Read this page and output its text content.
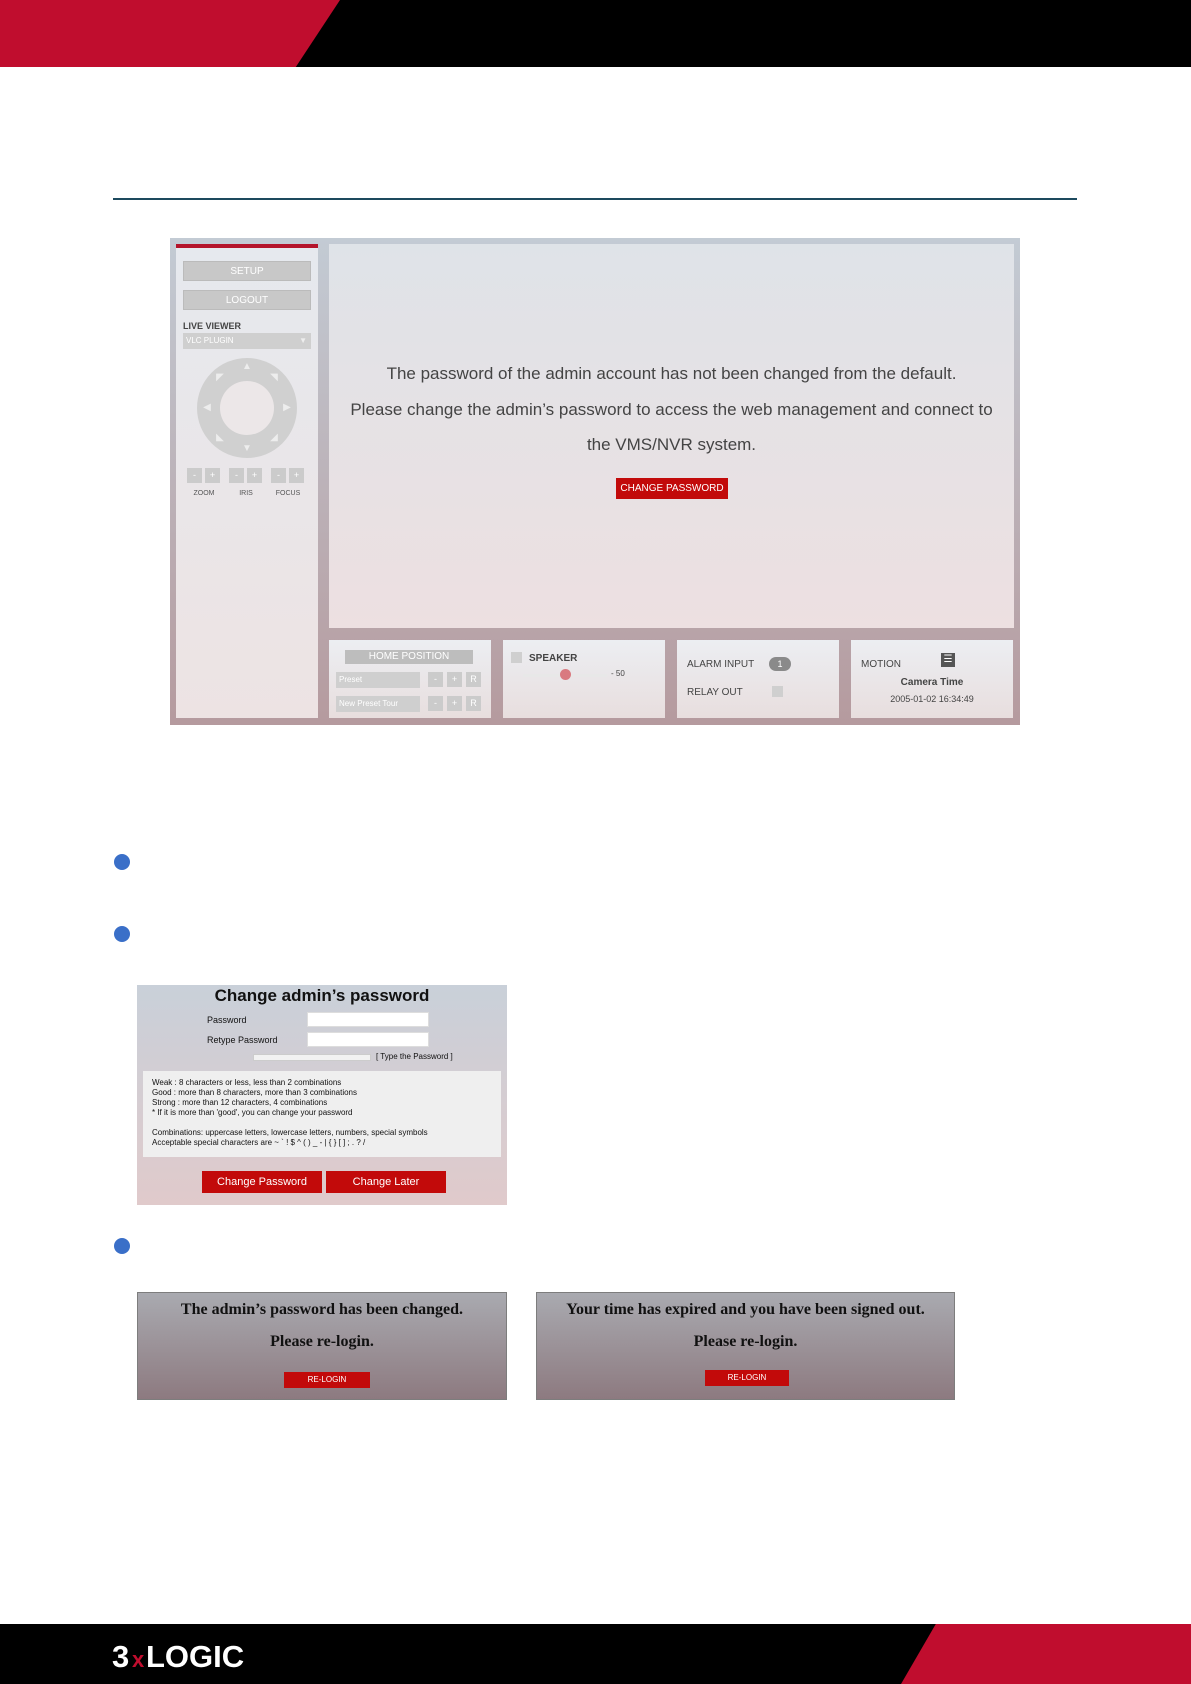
SETUP
LOGOUT
LIVE VIEWER
VLC PLUGIN	▼
▲
▼
◀	▶
◤	◥
◣	◢
-	+	-	+	-	+
ZOOM	IRIS	FOCUS
The password of the admin account has not been changed from the default.
Please change the admin’s password to access the web management and connect to
the VMS/NVR system.
CHANGE PASSWORD
HOME POSITION
Preset
New Preset Tour
-	+	R
-	+	R
SPEAKER
- 50
ALARM INPUT	1
RELAY OUT
MOTION	☰
Camera Time
2005-01-02 16:34:49
Change admin’s password
Password
Retype Password
[ Type the Password ]
Weak : 8 characters or less, less than 2 combinations
Good : more than 8 characters, more than 3 combinations
Strong : more than 12 characters, 4 combinations
* If it is more than 'good', you can change your password

Combinations: uppercase letters, lowercase letters, numbers, special symbols
Acceptable special characters are ~ ` ! $ ^ ( ) _ - | { } [ ] ; . ? /
Change Password	Change Later
The admin’s password has been changed.
Please re-login.
RE-LOGIN
Your time has expired and you have been signed out.
Please re-login.
RE-LOGIN
3 x LOGIC
